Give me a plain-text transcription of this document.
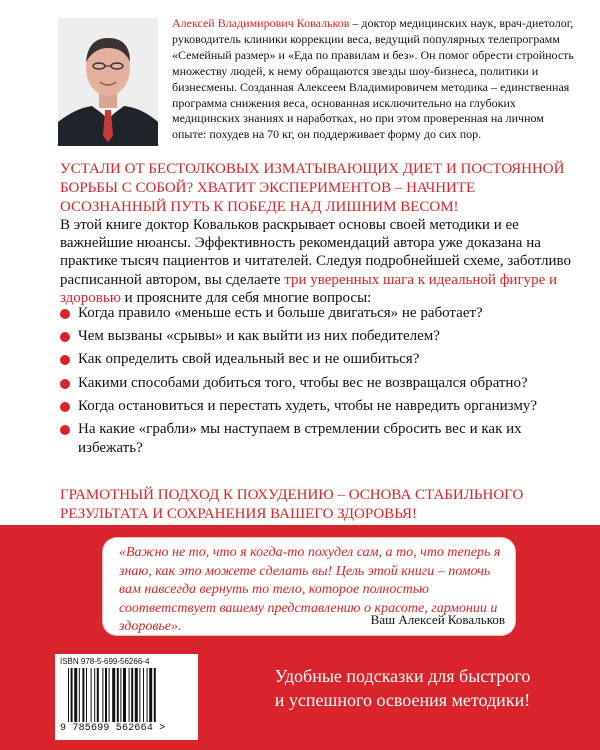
Алексей Владимирович Ковальков – доктор медицинских наук, врач-диетолог, руководитель клиники коррекции веса, ведущий популярных телепрограмм «Семейный размер» и «Еда по правилам и без». Он помог обрести стройность множеству людей, к нему обращаются звезды шоу-бизнеса, политики и бизнесмены. Созданная Алексеем Владимировичем методика – единственная программа снижения веса, основанная исключительно на глубоких медицинских знаниях и наработках, но при этом проверенная на личном опыте: похудев на 70 кг, он поддерживает форму до сих пор.
УСТАЛИ ОТ БЕСТОЛКОВЫХ ИЗМАТЫВАЮЩИХ ДИЕТ И ПОСТОЯННОЙ БОРЬБЫ С СОБОЙ? ХВАТИТ ЭКСПЕРИМЕНТОВ – НАЧНИТЕ ОСОЗНАННЫЙ ПУТЬ К ПОБЕДЕ НАД ЛИШНИМ ВЕСОМ!
В этой книге доктор Ковальков раскрывает основы своей методики и ее важнейшие нюансы. Эффективность рекомендаций автора уже доказана на практике тысяч пациентов и читателей. Следуя подробнейшей схеме, заботливо расписанной автором, вы сделаете три уверенных шага к идеальной фигуре и здоровью и проясните для себя многие вопросы:
Когда правило «меньше есть и больше двигаться» не работает?
Чем вызваны «срывы» и как выйти из них победителем?
Как определить свой идеальный вес и не ошибиться?
Какими способами добиться того, чтобы вес не возвращался обратно?
Когда остановиться и перестать худеть, чтобы не навредить организму?
На какие «грабли» мы наступаем в стремлении сбросить вес и как их избежать?
ГРАМОТНЫЙ ПОДХОД К ПОХУДЕНИЮ – ОСНОВА СТАБИЛЬНОГО РЕЗУЛЬТАТА И СОХРАНЕНИЯ ВАШЕГО ЗДОРОВЬЯ!
«Важно не то, что я когда-то похудел сам, а то, что теперь я знаю, как это можете сделать вы! Цель этой книги – помочь вам навсегда вернуть то тело, которое полностью соответствует вашему представлению о красоте, гармонии и здоровье».	Ваш Алексей Ковальков
ISBN 978-5-699-56266-4
9 785699 562664 >
Удобные подсказки для быстрого
и успешного освоения методики!
